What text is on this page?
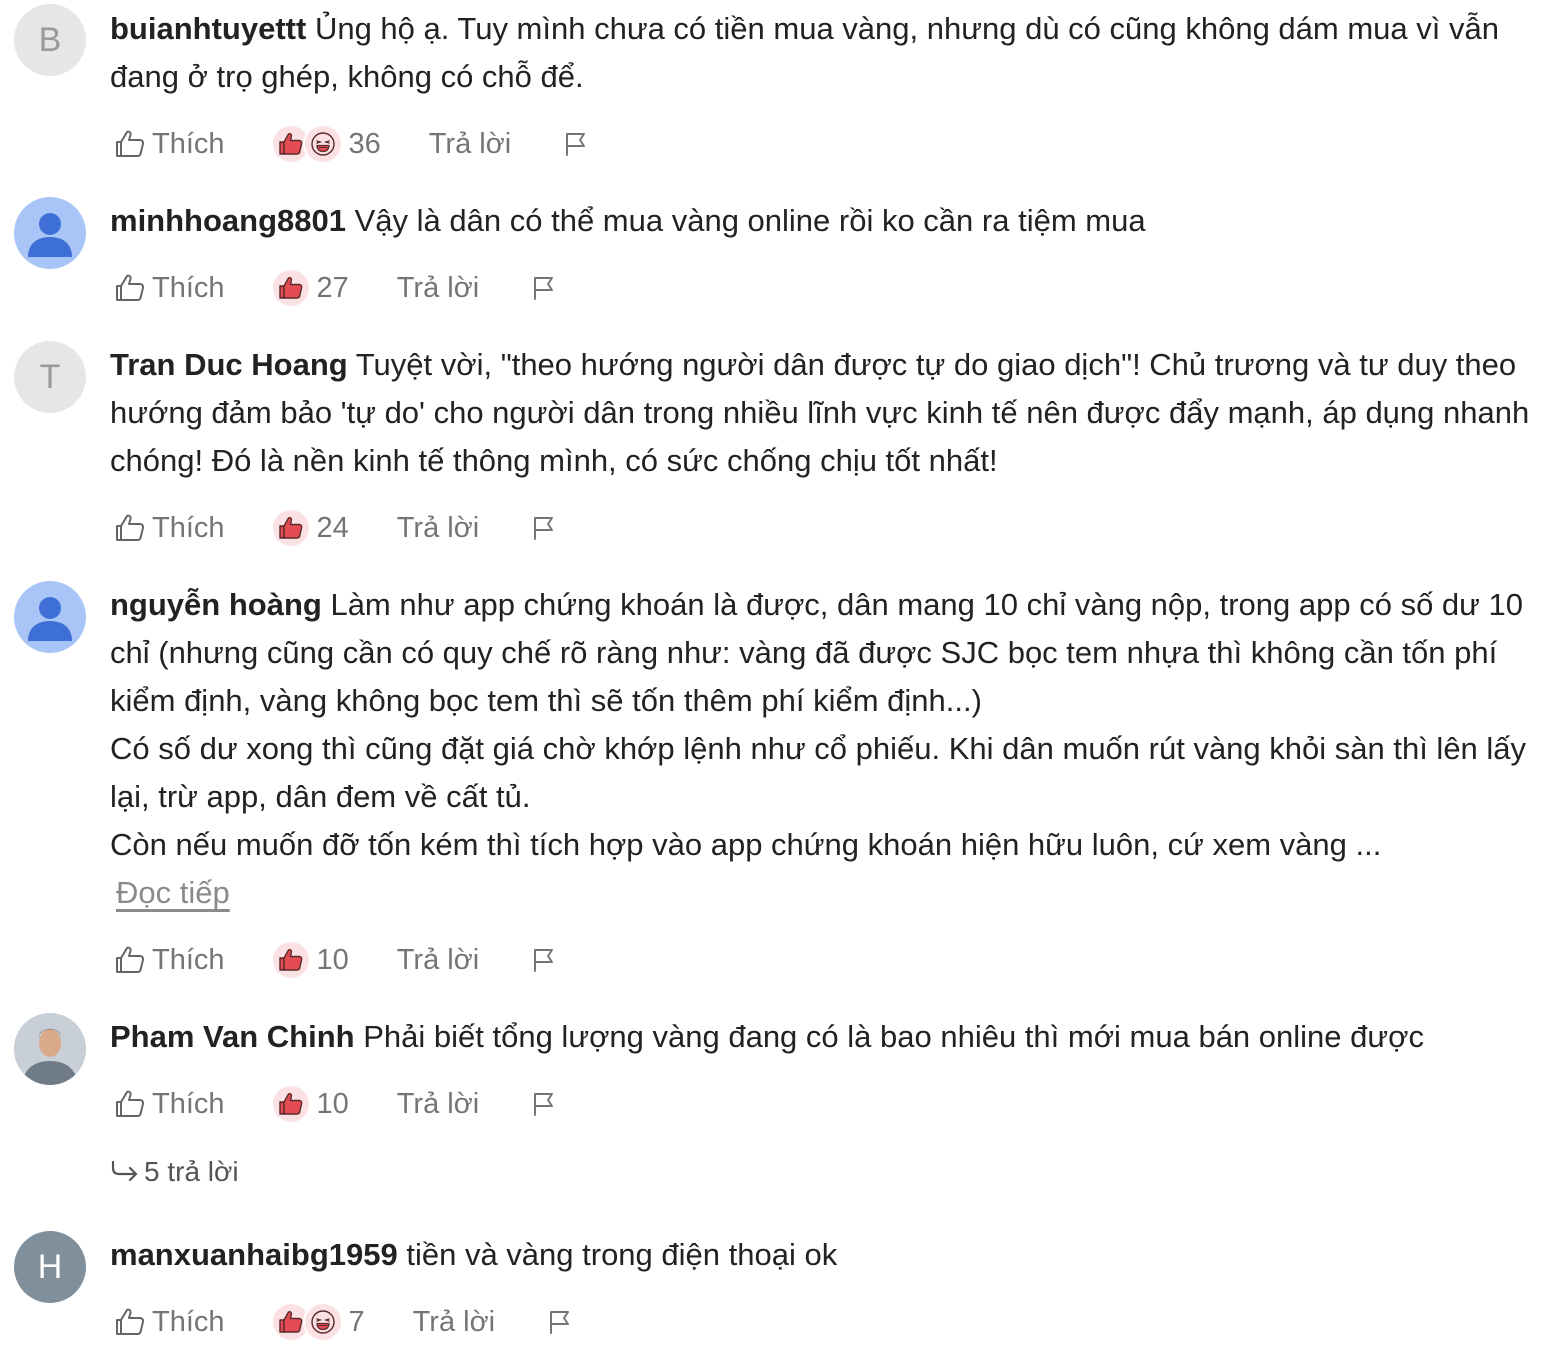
B buianhtuyettt Ủng hộ ạ. Tuy mình chưa có tiền mua vàng, nhưng dù có cũng không dám mua vì vẫn đang ở trọ ghép, không có chỗ để.

Thích	36 Trả lời

minhhoang8801 Vậy là dân có thể mua vàng online rồi ko cần ra tiệm mua

Thích	27 Trả lời
T Tran Duc Hoang Tuyệt vời, "theo hướng người dân được tự do giao dịch"! Chủ trương và tư duy theo hướng đảm bảo 'tự do' cho người dân trong nhiều lĩnh vực kinh tế nên được đẩy mạnh, áp dụng nhanh chóng! Đó là nền kinh tế thông mình, có sức chống chịu tốt nhất!

Thích	24 Trả lời

nguyễn hoàng Làm như app chứng khoán là được, dân mang 10 chỉ vàng nộp, trong app có số dư 10 chỉ (nhưng cũng cần có quy chế rõ ràng như: vàng đã được SJC bọc tem nhựa thì không cần tốn phí kiểm định, vàng không bọc tem thì sẽ tốn thêm phí kiểm định...)

Có số dư xong thì cũng đặt giá chờ khớp lệnh như cổ phiếu. Khi dân muốn rút vàng khỏi sàn thì lên lấy lại, trừ app, dân đem về cất tủ.

Còn nếu muốn đỡ tốn kém thì tích hợp vào app chứng khoán hiện hữu luôn, cứ xem vàng ...

Đọc tiếp

Thích	10 Trả lời

Pham Van Chinh Phải biết tổng lượng vàng đang có là bao nhiêu thì mới mua bán online được

Thích	10 Trả lời
5 trả lời
H manxuanhaibg1959 tiền và vàng trong điện thoại ok

Thích	7 Trả lời
